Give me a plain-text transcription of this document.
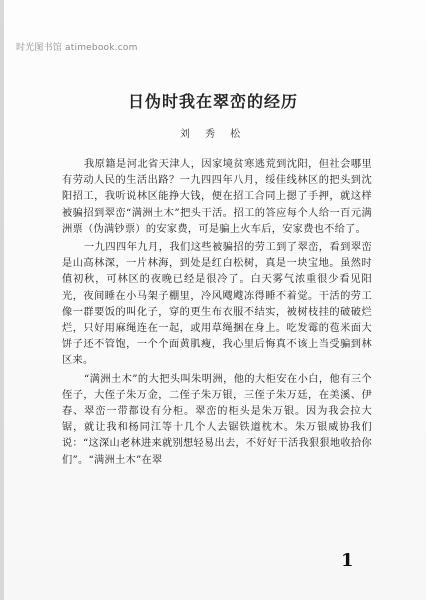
时光图书馆 atimebook.com
日伪时我在翠峦的经历
刘 秀 松

我原籍是河北省天津人，因家境贫寒逃荒到沈阳，但社会哪里有劳动人民的生活出路？一九四四年八月，绥佳线林区的把头到沈阳招工，我听说林区能挣大钱，便在招工合同上摁了手押，就这样被骗招到翠峦“满洲土木”把头干活。招工的答应每个人给一百元满洲票（伪满钞票）的安家费，可是骗上火车后，安家费也不给了。

一九四四年九月，我们这些被骗招的劳工到了翠峦，看到翠峦是山高林深，一片林海，到处是红白松树，真是一块宝地。虽然时值初秋，可林区的夜晚已经是很冷了。白天雾气浓重很少看见阳光，夜间睡在小马架子棚里，冷风飕飕冻得睡不着觉。干活的劳工像一群要饭的叫化子，穿的更生布衣服不结实，被树枝挂的破破烂烂，只好用麻绳连在一起，或用草绳捆在身上。吃发霉的苞米面大饼子还不管饱，一个个面黄肌瘦，我心里后悔真不该上当受骗到林区来。

“满洲土木”的大把头叫朱明洲，他的大柜安在小白，他有三个侄子，大侄子朱万金，二侄子朱万银，三侄子朱万廷，在美溪、伊春、翠峦一带都设有分柜。翠峦的柜头是朱万银。因为我会拉大锯，就让我和杨同江等十几个人去锯铁道枕木。朱万银威协我们说：“这深山老林进来就别想轻易出去，不好好干活我狠狠地收拾你们”。“满洲土木”在翠

1
